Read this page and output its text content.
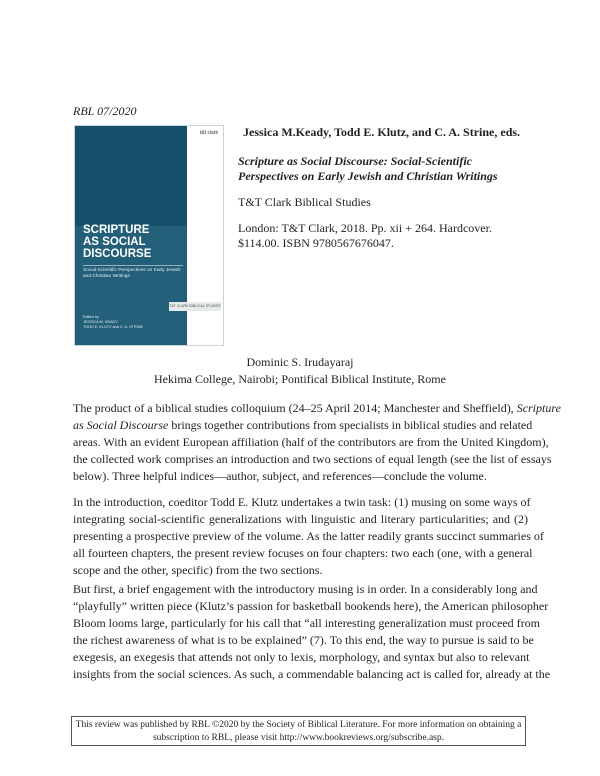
RBL 07/2020
t&t clark
SCRIPTURE
AS SOCIAL
DISCOURSE
Social-Scientific Perspectives on Early Jewish and Christian Writings
T&T CLARK BIBLICAL STUDIES
Edited by
JESSICA M. KEADY
TODD E. KLUTZ and C. A. STRINE
Jessica M.Keady, Todd E. Klutz, and C. A. Strine, eds.
Scripture as Social Discourse: Social-Scientific
Perspectives on Early Jewish and Christian Writings
T&T Clark Biblical Studies
London: T&T Clark, 2018. Pp. xii + 264. Hardcover.
$114.00. ISBN 9780567676047.
Dominic S. Irudayaraj
Hekima College, Nairobi; Pontifical Biblical Institute, Rome
The product of a biblical studies colloquium (24–25 April 2014; Manchester and Sheffield), Scripture
as Social Discourse brings together contributions from specialists in biblical studies and related
areas. With an evident European affiliation (half of the contributors are from the United Kingdom),
the collected work comprises an introduction and two sections of equal length (see the list of essays
below). Three helpful indices—author, subject, and references—conclude the volume.
In the introduction, coeditor Todd E. Klutz undertakes a twin task: (1) musing on some ways of
integrating social-scientific generalizations with linguistic and literary particularities; and (2)
presenting a prospective preview of the volume. As the latter readily grants succinct summaries of
all fourteen chapters, the present review focuses on four chapters: two each (one, with a general
scope and the other, specific) from the two sections.
But first, a brief engagement with the introductory musing is in order. In a considerably long and
“playfully” written piece (Klutz’s passion for basketball bookends here), the American philosopher
Bloom looms large, particularly for his call that “all interesting generalization must proceed from
the richest awareness of what is to be explained” (7). To this end, the way to pursue is said to be
exegesis, an exegesis that attends not only to lexis, morphology, and syntax but also to relevant
insights from the social sciences. As such, a commendable balancing act is called for, already at the
This review was published by RBL ©2020 by the Society of Biblical Literature. For more information on obtaining a
subscription to RBL, please visit http://www.bookreviews.org/subscribe.asp.
